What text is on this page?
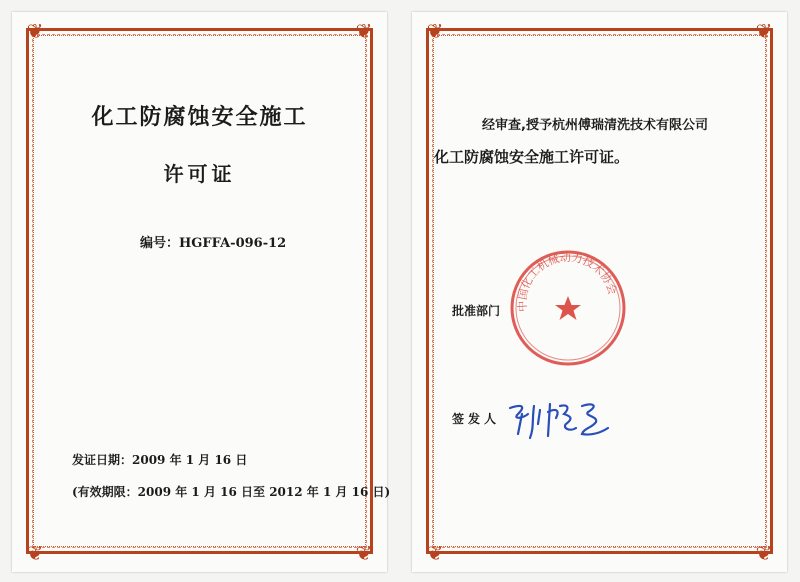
❦	❦
❦	❦
化工防腐蚀安全施工
许可证
编号：HGFFA-096-12
发证日期：2009 年 1 月 16 日
(有效期限：2009 年 1 月 16 日至 2012 年 1 月 16 日)
❦	❦
❦	❦
经审查,授予杭州傅瑞清洗技术有限公司
化工防腐蚀安全施工许可证。
中国化工机械动力技术协会
批准部门
签发人
